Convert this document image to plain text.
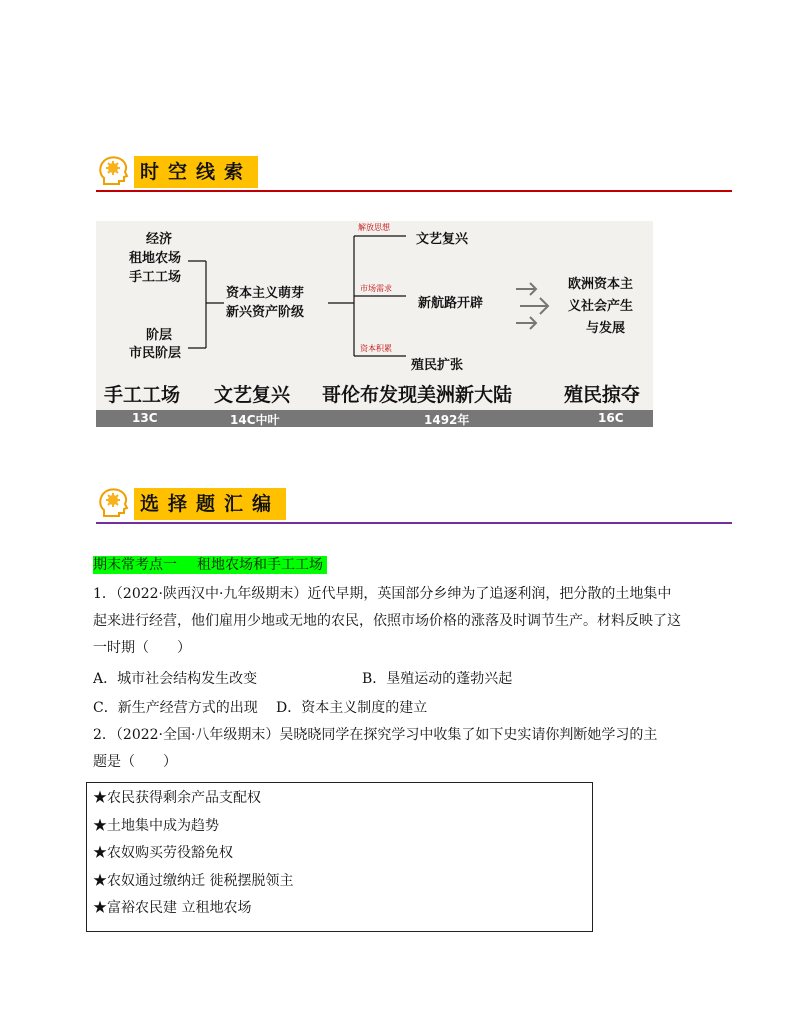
时空线索
经济
租地农场
手工工场
阶层
市民阶层
资本主义萌芽
新兴资产阶级
解放思想
市场需求
资本积累
文艺复兴
新航路开辟
殖民扩张
欧洲资本主
义社会产生
与发展
手工工场 文艺复兴 哥伦布发现美洲新大陆	殖民掠夺
13C	14C中叶	1492年	16C
选择题汇编
期末常考点一 租地农场和手工工场
1．（2022·陕西汉中·九年级期末）近代早期，英国部分乡绅为了追逐利润，把分散的土地集中
起来进行经营，他们雇用少地或无地的农民，依照市场价格的涨落及时调节生产。材料反映了这
一时期（　　）
A．城市社会结构发生改变	B．垦殖运动的蓬勃兴起
C．新生产经营方式的出现 D．资本主义制度的建立
2．（2022·全国·八年级期末）吴晓晓同学在探究学习中收集了如下史实请你判断她学习的主
题是（　　）
★农民获得剩余产品支配权
★土地集中成为趋势
★农奴购买劳役豁免权
★农奴通过缴纳迁 徙税摆脱领主
★富裕农民建 立租地农场
